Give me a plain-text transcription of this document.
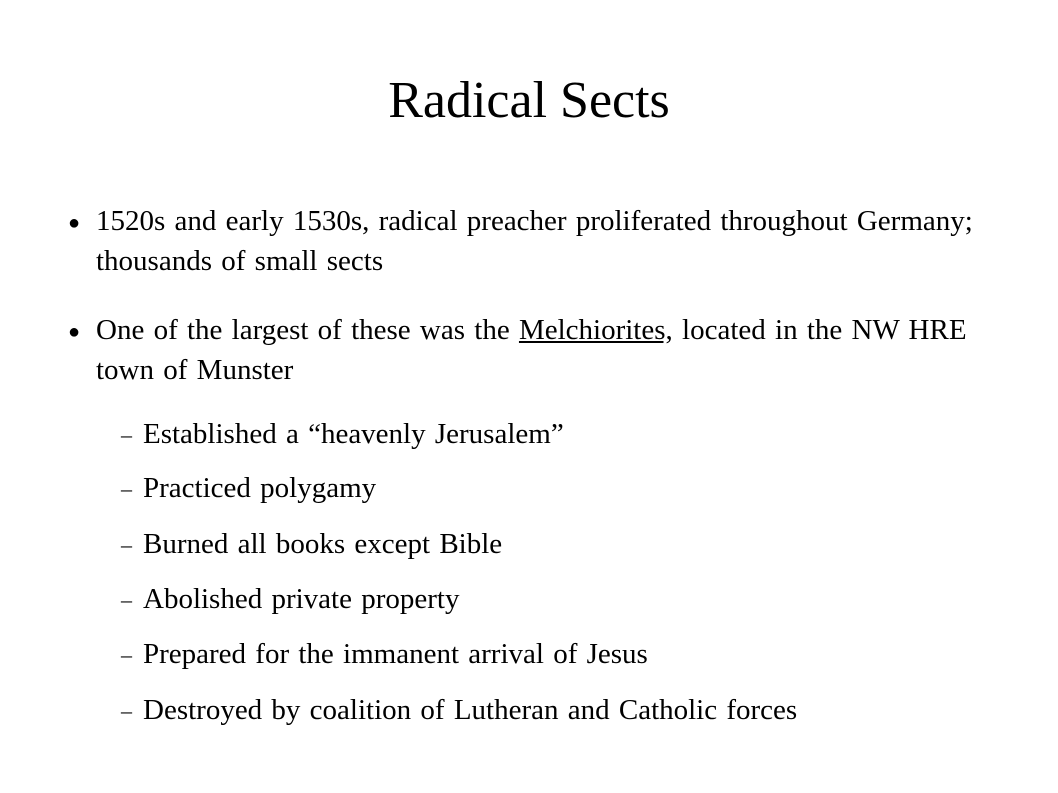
Radical Sects
● 1520s and early 1530s, radical preacher proliferated throughout Germany; thousands of small sects
● One of the largest of these was the Melchiorites, located in the NW HRE town of Munster
– Established a “heavenly Jerusalem”
– Practiced polygamy
– Burned all books except Bible
– Abolished private property
– Prepared for the immanent arrival of Jesus
– Destroyed by coalition of Lutheran and Catholic forces
